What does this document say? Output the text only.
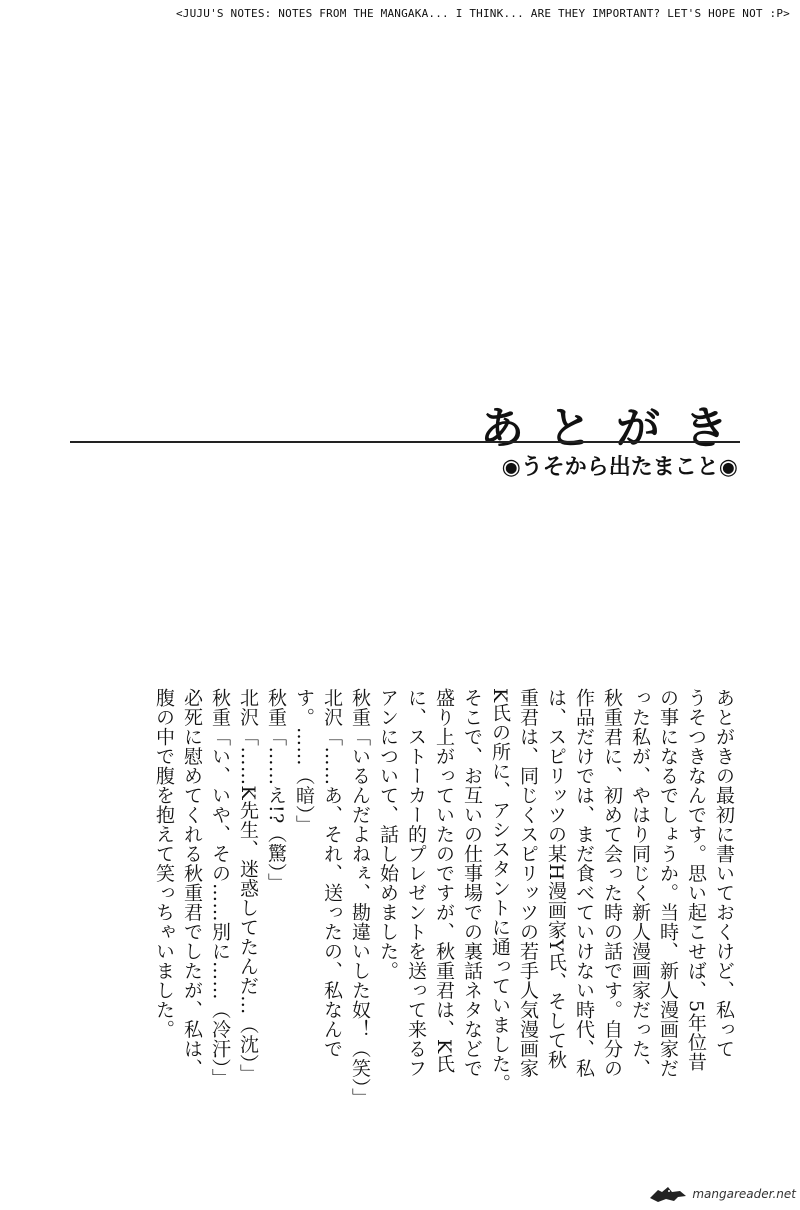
<JUJU'S NOTES: NOTES FROM THE MANGAKA... I THINK... ARE THEY IMPORTANT? LET'S HOPE NOT :P>
あとがき
◉うそから出たまこと◉

あとがきの最初に書いておくけど、私って

うそつきなんです。思い起こせば、5年位昔

の事になるでしょうか。当時、新人漫画家だ

った私が、やはり同じく新人漫画家だった、

秋重君に、初めて会った時の話です。自分の

作品だけでは、まだ食べていけない時代、私

は、スピリッツの某H漫画家Y氏、そして秋

重君は、同じくスピリッツの若手人気漫画家

K氏の所に、アシスタントに通っていました。

そこで、お互いの仕事場での裏話ネタなどで

盛り上がっていたのですが、秋重君は、K氏

に、ストーカー的プレゼントを送って来るフ

アンについて、話し始めました。

秋重「いるんだよねぇ、勘違いした奴！（笑）」

北沢「……あ、それ、送ったの、私なんで

す。……（暗）」

秋重「……え!?（驚）」

北沢「……K先生、迷惑してたんだ…（沈）」

秋重「い、いや、その……別に……（冷汗）」

必死に慰めてくれる秋重君でしたが、私は、

腹の中で腹を抱えて笑っちゃいました。

mangareader.net
